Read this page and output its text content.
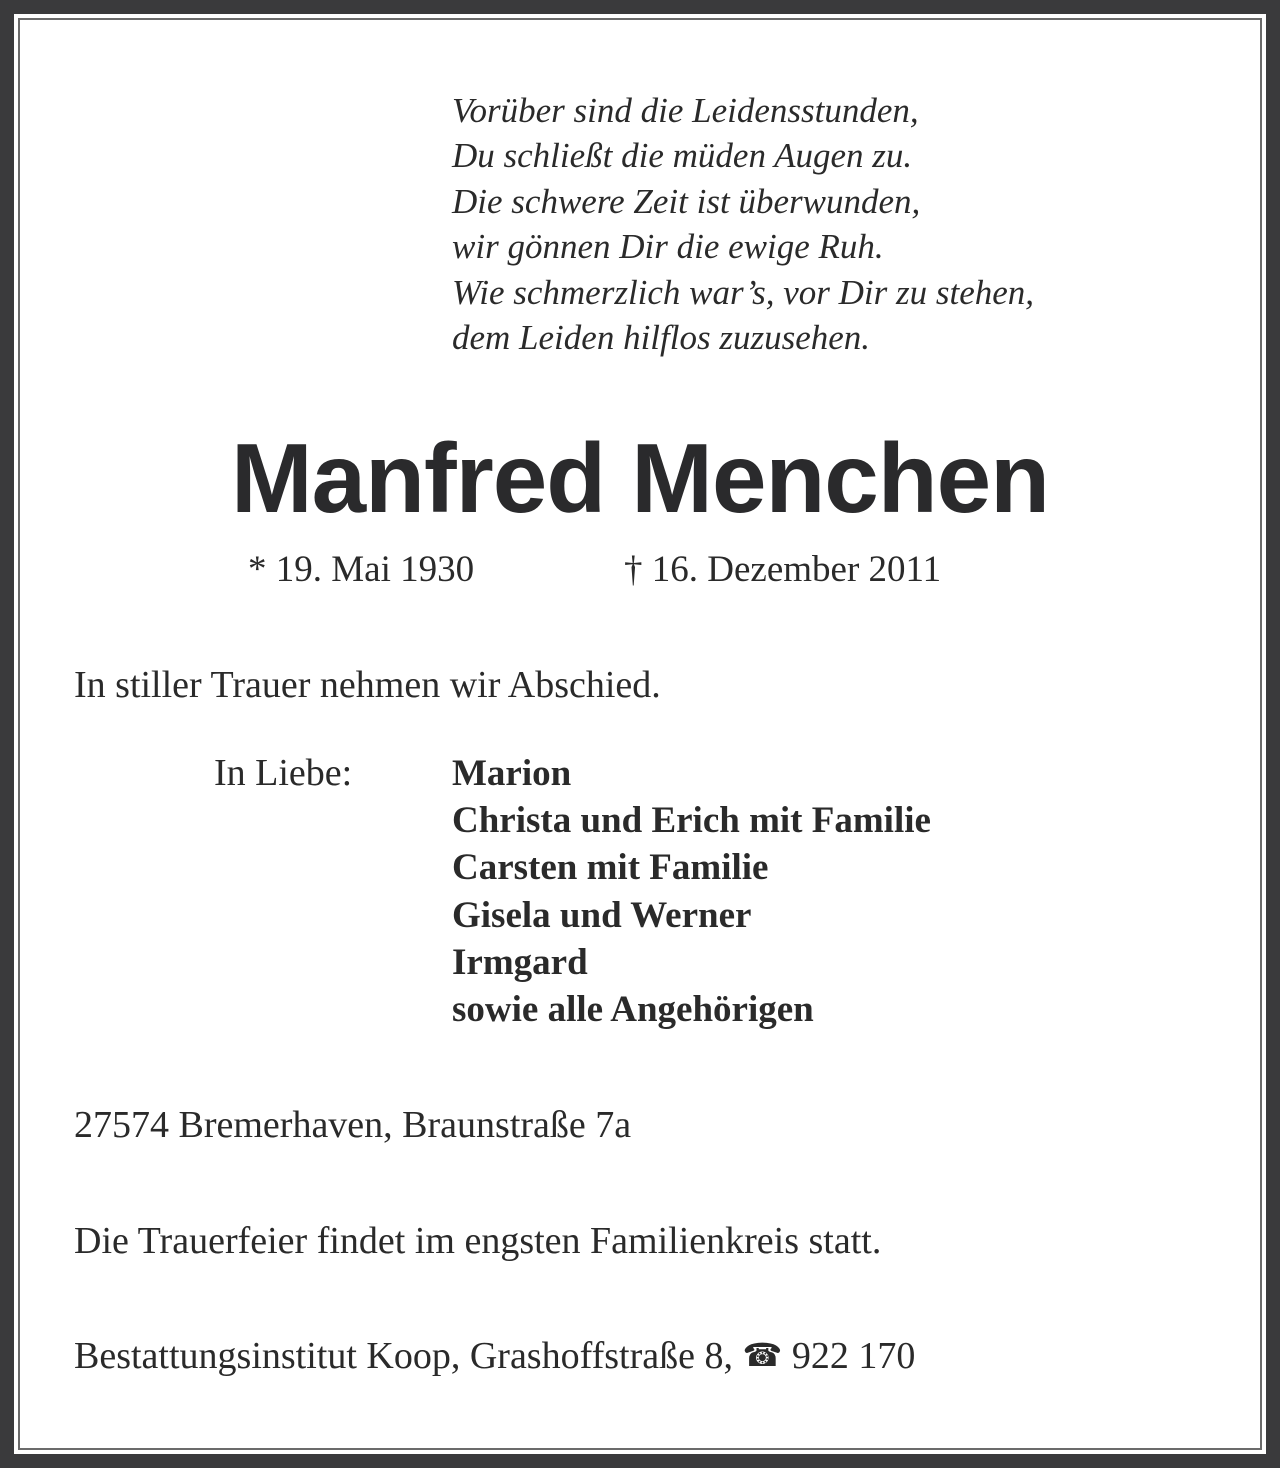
Vorüber sind die Leidensstunden,
Du schließt die müden Augen zu.
Die schwere Zeit ist überwunden,
wir gönnen Dir die ewige Ruh.
Wie schmerzlich war’s, vor Dir zu stehen,
dem Leiden hilflos zuzusehen.
Manfred Menchen
* 19. Mai 1930	† 16. Dezember 2011
In stiller Trauer nehmen wir Abschied.
In Liebe:	Marion
Christa und Erich mit Familie
Carsten mit Familie
Gisela und Werner
Irmgard
sowie alle Angehörigen
27574 Bremerhaven, Braunstraße 7a
Die Trauerfeier findet im engsten Familienkreis statt.
Bestattungsinstitut Koop, Grashoffstraße 8, ☎ 922 170
